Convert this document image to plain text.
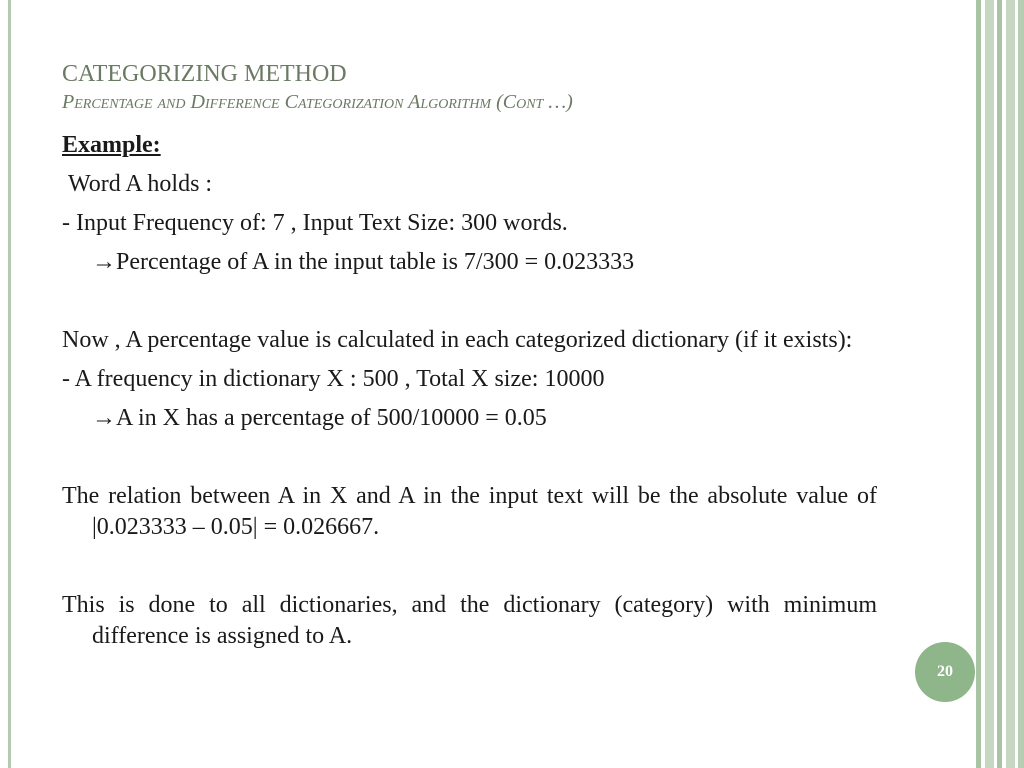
CATEGORIZING METHOD
Percentage and Difference Categorization Algorithm (Cont …)

Example:

Word A holds :

- Input Frequency of: 7 , Input Text Size: 300 words.

→Percentage of A in the input table is 7/300 = 0.023333

Now , A percentage value is calculated in each categorized dictionary (if it exists):

- A frequency in dictionary X : 500 , Total X size: 10000

→A in X has a percentage of 500/10000 = 0.05

The relation between A in X and A in the input text will be the absolute value of |0.023333 – 0.05| = 0.026667.

This is done to all dictionaries, and the dictionary (category) with minimum difference is assigned to A.

20
